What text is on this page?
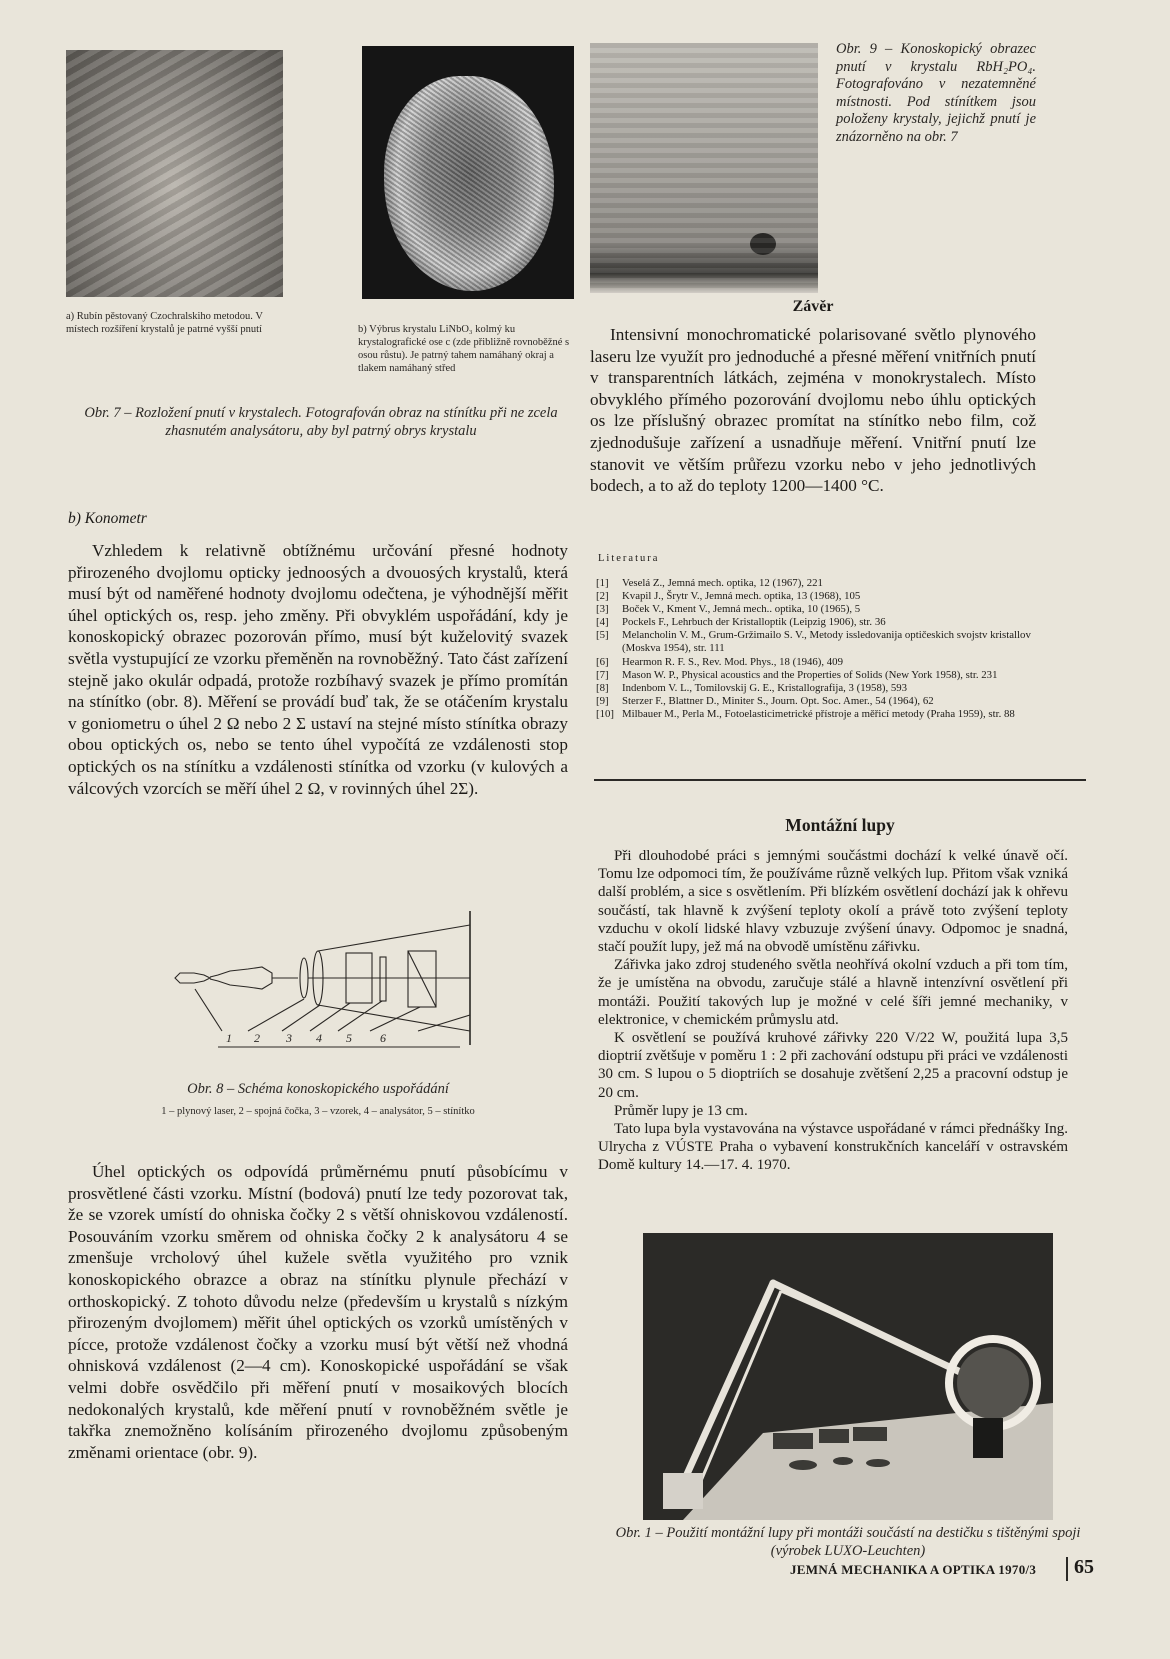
a) Rubín pěstovaný Czochralskiho metodou. V místech rozšíření krystalů je patrné vyšší pnutí	b) Výbrus krystalu LiNbO₃ kolmý ku krystalografické ose c (zde přibližně rovnoběžné s osou růstu). Je patrný tahem namáhaný okraj a tlakem namáhaný střed

Obr. 7 – Rozložení pnutí v krystalech. Fotografován obraz na stínítku při ne zcela zhasnutém analysátoru, aby byl patrný obrys krystalu

Obr. 9 – Konoskopický obrazec pnutí v krystalu RbH₂PO₄. Fotografováno v nezatemněné místnosti. Pod stínítkem jsou položeny krystaly, jejichž pnutí je znázorněno na obr. 7

b) Konometr

Vzhledem k relativně obtížnému určování přesné hodnoty přirozeného dvojlomu opticky jednoosých a dvouosých krystalů, která musí být od naměřené hodnoty dvojlomu odečtena, je výhodnější měřit úhel optických os, resp. jeho změny. Při obvyklém uspořádání, kdy je konoskopický obrazec pozorován přímo, musí být kuželovitý svazek světla vystupující ze vzorku přeměněn na rovnoběžný. Tato část zařízení stejně jako okulár odpadá, protože rozbíhavý svazek je přímo promítán na stínítko (obr. 8). Měření se provádí buď tak, že se otáčením krystalu v goniometru o úhel 2 Ω nebo 2 Σ ustaví na stejné místo stínítka obrazy obou optických os, nebo se tento úhel vypočítá ze vzdálenosti stop optických os na stínítku a vzdálenosti stínítka od vzorku (v kulových a válcových vzorcích se měří úhel 2 Ω, v rovinných úhel 2Σ).

1 2 3 4 5 6

Obr. 8 – Schéma konoskopického uspořádání

1 – plynový laser, 2 – spojná čočka, 3 – vzorek, 4 – analysátor, 5 – stínítko

Úhel optických os odpovídá průměrnému pnutí působícímu v prosvětlené části vzorku. Místní (bodová) pnutí lze tedy pozorovat tak, že se vzorek umístí do ohniska čočky 2 s větší ohniskovou vzdáleností. Posouváním vzorku směrem od ohniska čočky 2 k analysátoru 4 se zmenšuje vrcholový úhel kužele světla využitého pro vznik konoskopického obrazce a obraz na stínítku plynule přechází v orthoskopický. Z tohoto důvodu nelze (především u krystalů s nízkým přirozeným dvojlomem) měřit úhel optických os vzorků umístěných v pícce, protože vzdálenost čočky a vzorku musí být větší než vhodná ohnisková vzdálenost (2—4 cm). Konoskopické uspořádání se však velmi dobře osvědčilo při měření pnutí v mosaikových blocích nedokonalých krystalů, kde měření pnutí v rovnoběžném světle je takřka znemožněno kolísáním přirozeného dvojlomu způsobeným změnami orientace (obr. 9).

Závěr

Intensivní monochromatické polarisované světlo plynového laseru lze využít pro jednoduché a přesné měření vnitřních pnutí v transparentních látkách, zejména v monokrystalech. Místo obvyklého přímého pozorování dvojlomu nebo úhlu optických os lze příslušný obrazec promítat na stínítko nebo film, což zjednodušuje zařízení a usnadňuje měření. Vnitřní pnutí lze stanovit ve větším průřezu vzorku nebo v jeho jednotlivých bodech, a to až do teploty 1200—1400 °C.

Literatura
[1]	Veselá Z., Jemná mech. optika, 12 (1967), 221
[2]	Kvapil J., Šrytr V., Jemná mech. optika, 13 (1968), 105
[3]	Boček V., Kment V., Jemná mech.. optika, 10 (1965), 5
[4]	Pockels F., Lehrbuch der Kristalloptik (Leipzig 1906), str. 36
[5]	Melancholin V. M., Grum-Gržimailo S. V., Metody issledovanija optičeskich svojstv kristallov (Moskva 1954), str. 111
[6]	Hearmon R. F. S., Rev. Mod. Phys., 18 (1946), 409
[7]	Mason W. P., Physical acoustics and the Properties of Solids (New York 1958), str. 231
[8]	Indenbom V. L., Tomilovskij G. E., Kristallografija, 3 (1958), 593
[9]	Sterzer F., Blattner D., Miniter S., Journ. Opt. Soc. Amer., 54 (1964), 62
[10] Milbauer M., Perla M., Fotoelasticimetrické přístroje a měřicí metody (Praha 1959), str. 88
Montážní lupy

Při dlouhodobé práci s jemnými součástmi dochází k velké únavě očí. Tomu lze odpomoci tím, že používáme různě velkých lup. Přitom však vzniká další problém, a sice s osvětlením. Při blízkém osvětlení dochází jak k ohřevu součástí, tak hlavně k zvýšení teploty okolí a právě toto zvýšení teploty vzduchu v okolí lidské hlavy vzbuzuje zvýšení únavy. Odpomoc je snadná, stačí použít lupy, jež má na obvodě umístěnu zářivku.

Zářivka jako zdroj studeného světla neohřívá okolní vzduch a při tom tím, že je umístěna na obvodu, zaručuje stálé a hlavně intenzívní osvětlení při montáži. Použití takových lup je možné v celé šíři jemné mechaniky, v elektronice, v chemickém průmyslu atd.

K osvětlení se používá kruhové zářivky 220 V/22 W, použitá lupa 3,5 dioptrií zvětšuje v poměru 1 : 2 při zachování odstupu při práci ve vzdálenosti 30 cm. S lupou o 5 dioptriích se dosahuje zvětšení 2,25 a pracovní odstup je 20 cm.

Průměr lupy je 13 cm.

Tato lupa byla vystavována na výstavce uspořádané v rámci přednášky Ing. Ulrycha z VÚSTE Praha o vybavení konstrukčních kanceláří v ostravském Domě kultury 14.—17. 4. 1970.

Obr. 1 – Použití montážní lupy při montáži součástí na destičku s tištěnými spoji (výrobek LUXO-Leuchten)

JEMNÁ MECHANIKA A OPTIKA 1970/3 65
